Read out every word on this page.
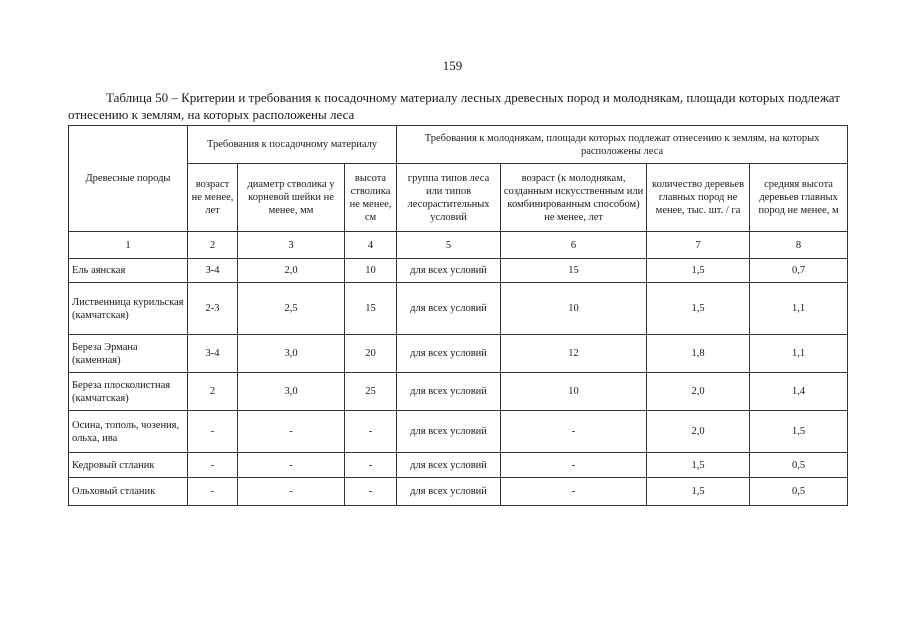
159
Таблица 50 – Критерии и требования к посадочному материалу лесных древесных пород и молоднякам, площади которых подлежат отнесению к землям, на которых расположены леса
Древесные породы	Требования к посадочному материалу			Требования к молоднякам, площади которых подлежат отнесению к землям, на которых расположены леса			
	возраст не менее, лет	диаметр стволика у корневой шейки не менее, мм	высота стволика не менее, см	группа типов леса или типов лесорастительных условий	возраст (к молоднякам, созданным искусственным или комбинированным способом) не менее, лет	количество деревьев главных пород не менее, тыс. шт. / га	средняя высота деревьев главных пород не менее, м
1	2	3	4	5	6	7	8
Ель аянская	3-4	2,0	10	для всех условий	15	1,5	0,7
Лиственница курильская (камчатская)	2-3	2,5	15	для всех условий	10	1,5	1,1
Береза Эрмана (каменная)	3-4	3,0	20	для всех условий	12	1,8	1,1
Береза плосколистная (камчатская)	2	3,0	25	для всех условий	10	2,0	1,4
Осина, тополь, чозения, ольха, ива	-	-	-	для всех условий	-	2,0	1,5
Кедровый стланик	-	-	-	для всех условий	-	1,5	0,5
Ольховый стланик	-	-	-	для всех условий	-	1,5	0,5
